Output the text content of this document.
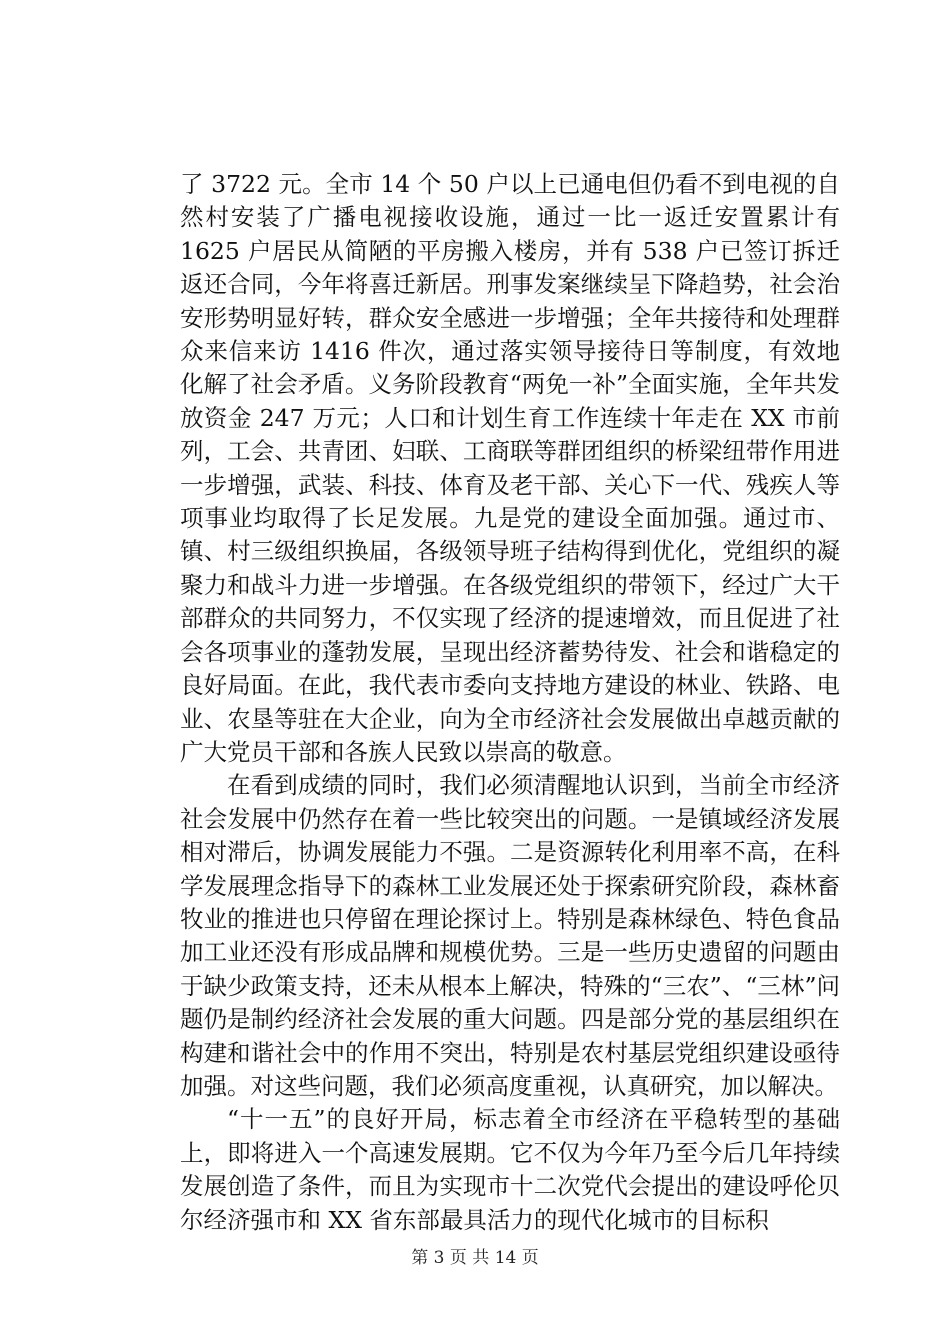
了 3722 元。全市 14 个 50 户以上已通电但仍看不到电视的自然村安装了广播电视接收设施，通过一比一返迁安置累计有 1625 户居民从简陋的平房搬入楼房，并有 538 户已签订拆迁返还合同，今年将喜迁新居。刑事发案继续呈下降趋势，社会治安形势明显好转，群众安全感进一步增强；全年共接待和处理群众来信来访 1416 件次，通过落实领导接待日等制度，有效地化解了社会矛盾。义务阶段教育“两免一补”全面实施，全年共发放资金 247 万元；人口和计划生育工作连续十年走在 XX 市前列，工会、共青团、妇联、工商联等群团组织的桥梁纽带作用进一步增强，武装、科技、体育及老干部、关心下一代、残疾人等项事业均取得了长足发展。九是党的建设全面加强。通过市、镇、村三级组织换届，各级领导班子结构得到优化，党组织的凝聚力和战斗力进一步增强。在各级党组织的带领下，经过广大干部群众的共同努力，不仅实现了经济的提速增效，而且促进了社会各项事业的蓬勃发展，呈现出经济蓄势待发、社会和谐稳定的良好局面。在此，我代表市委向支持地方建设的林业、铁路、电业、农垦等驻在大企业，向为全市经济社会发展做出卓越贡献的广大党员干部和各族人民致以崇高的敬意。

在看到成绩的同时，我们必须清醒地认识到，当前全市经济社会发展中仍然存在着一些比较突出的问题。一是镇域经济发展相对滞后，协调发展能力不强。二是资源转化利用率不高，在科学发展理念指导下的森林工业发展还处于探索研究阶段，森林畜牧业的推进也只停留在理论探讨上。特别是森林绿色、特色食品加工业还没有形成品牌和规模优势。三是一些历史遗留的问题由于缺少政策支持，还未从根本上解决，特殊的“三农”、“三林”问题仍是制约经济社会发展的重大问题。四是部分党的基层组织在构建和谐社会中的作用不突出，特别是农村基层党组织建设亟待加强。对这些问题，我们必须高度重视，认真研究，加以解决。

“十一五”的良好开局，标志着全市经济在平稳转型的基础上，即将进入一个高速发展期。它不仅为今年乃至今后几年持续发展创造了条件，而且为实现市十二次党代会提出的建设呼伦贝尔经济强市和 XX 省东部最具活力的现代化城市的目标积

第 3 页 共 14 页
